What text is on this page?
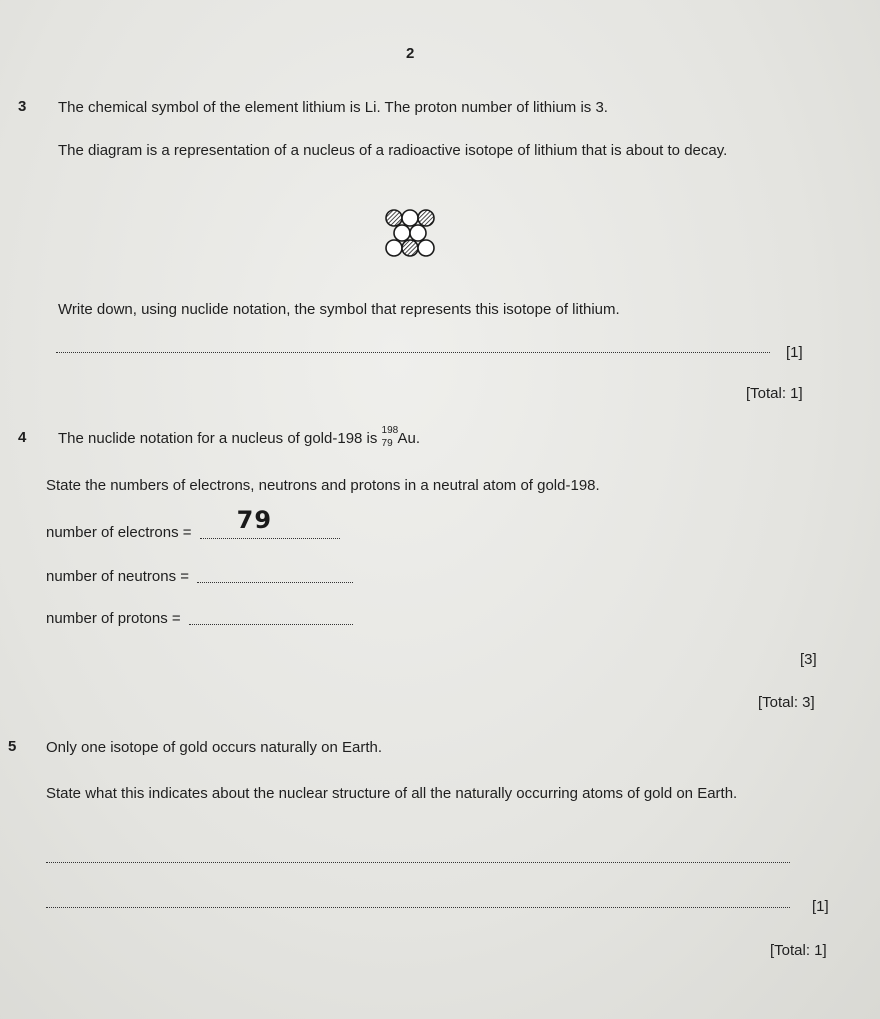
2
3 The chemical symbol of the element lithium is Li. The proton number of lithium is 3.
The diagram is a representation of a nucleus of a radioactive isotope of lithium that is about to decay.
Write down, using nuclide notation, the symbol that represents this isotope of lithium.
[1]
[Total: 1]
4 The nuclide notation for a nucleus of gold-198 is 198
79 Au.
State the numbers of electrons, neutrons and protons in a neutral atom of gold-198.
number of electrons = 79
number of neutrons =
number of protons =
[3]
[Total: 3]
5 Only one isotope of gold occurs naturally on Earth.
State what this indicates about the nuclear structure of all the naturally occurring atoms of gold on Earth.
[1]
[Total: 1]
